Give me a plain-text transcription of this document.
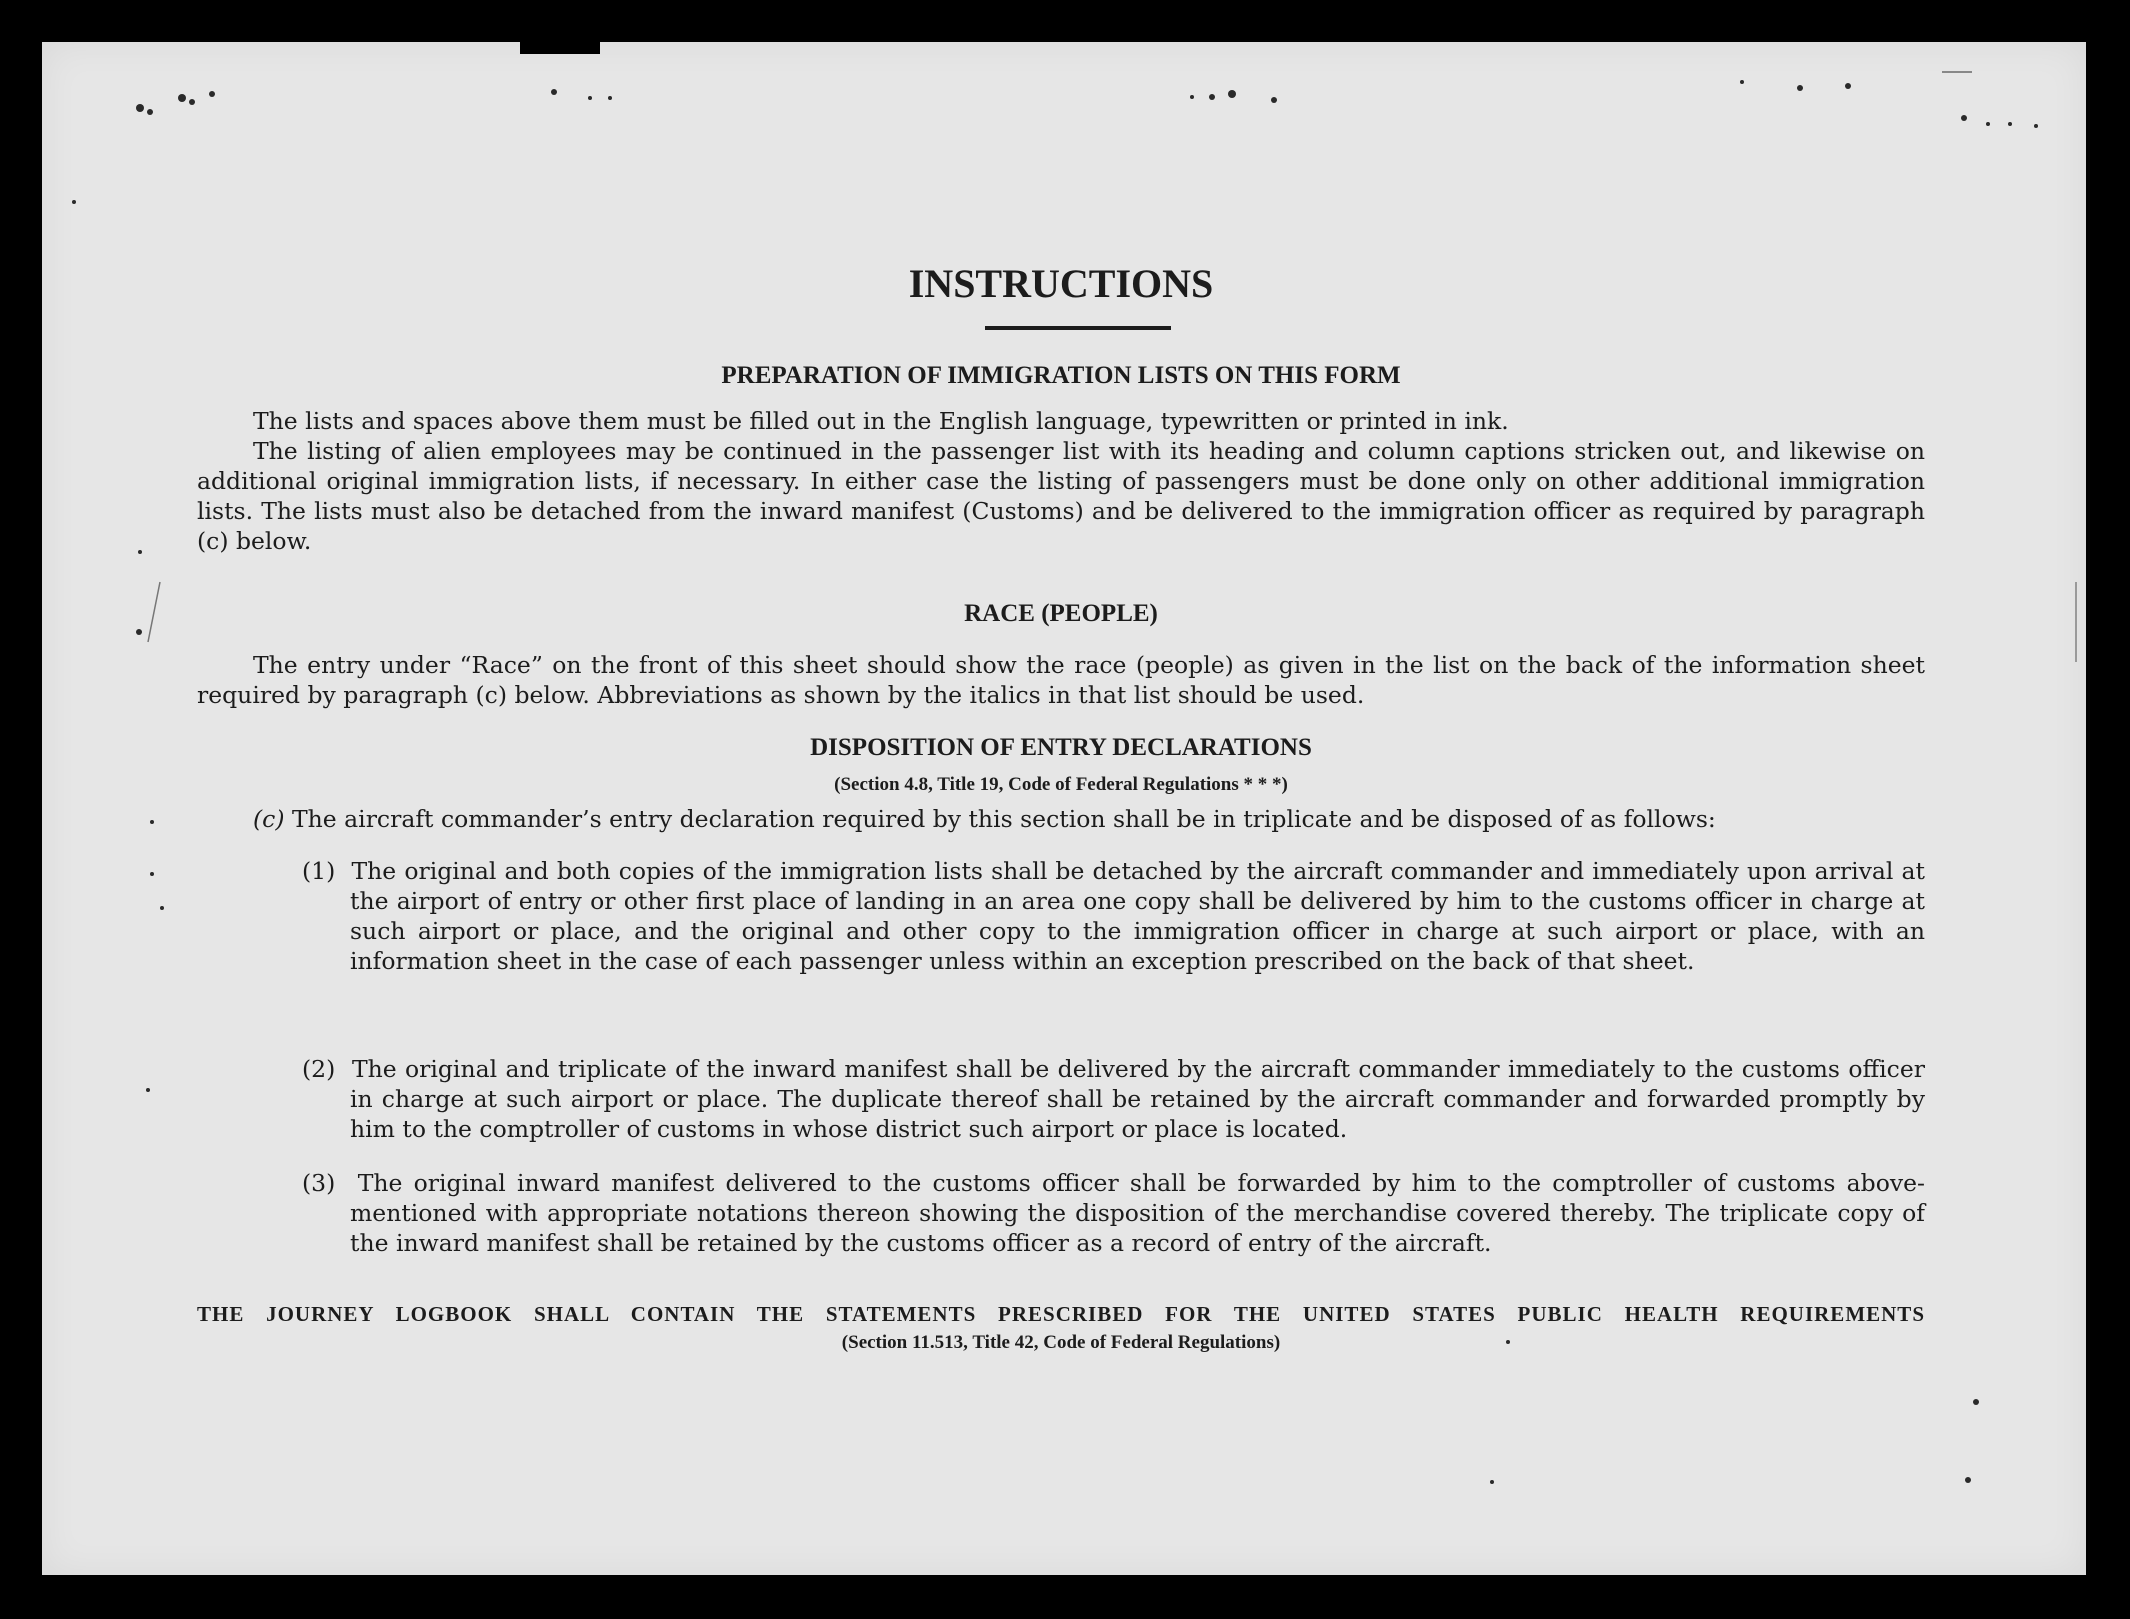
INSTRUCTIONS
PREPARATION OF IMMIGRATION LISTS ON THIS FORM

The lists and spaces above them must be filled out in the English language, typewritten or printed in ink.

The listing of alien employees may be continued in the passenger list with its heading and column captions stricken out, and likewise on additional original immigration lists, if necessary. In either case the listing of passengers must be done only on other additional immigration lists. The lists must also be detached from the inward manifest (Customs) and be delivered to the immigration officer as required by paragraph (c) below.

RACE (PEOPLE)

The entry under “Race” on the front of this sheet should show the race (people) as given in the list on the back of the information sheet required by paragraph (c) below. Abbreviations as shown by the italics in that list should be used.

DISPOSITION OF ENTRY DECLARATIONS
(Section 4.8, Title 19, Code of Federal Regulations * * *)

(c) The aircraft commander’s entry declaration required by this section shall be in triplicate and be disposed of as follows:

(1) The original and both copies of the immigration lists shall be detached by the aircraft commander and immediately upon arrival at the airport of entry or other first place of landing in an area one copy shall be delivered by him to the customs officer in charge at such airport or place, and the original and other copy to the immigration officer in charge at such airport or place, with an information sheet in the case of each passenger unless within an exception prescribed on the back of that sheet.

(2) The original and triplicate of the inward manifest shall be delivered by the aircraft commander immediately to the customs officer in charge at such airport or place. The duplicate thereof shall be retained by the aircraft commander and forwarded promptly by him to the comptroller of customs in whose district such airport or place is located.

(3) The original inward manifest delivered to the customs officer shall be forwarded by him to the comptroller of customs above-mentioned with appropriate notations thereon showing the disposition of the merchandise covered thereby. The triplicate copy of the inward manifest shall be retained by the customs officer as a record of entry of the aircraft.

THE JOURNEY LOGBOOK SHALL CONTAIN THE STATEMENTS PRESCRIBED FOR THE UNITED STATES PUBLIC HEALTH REQUIREMENTS
(Section 11.513, Title 42, Code of Federal Regulations)
